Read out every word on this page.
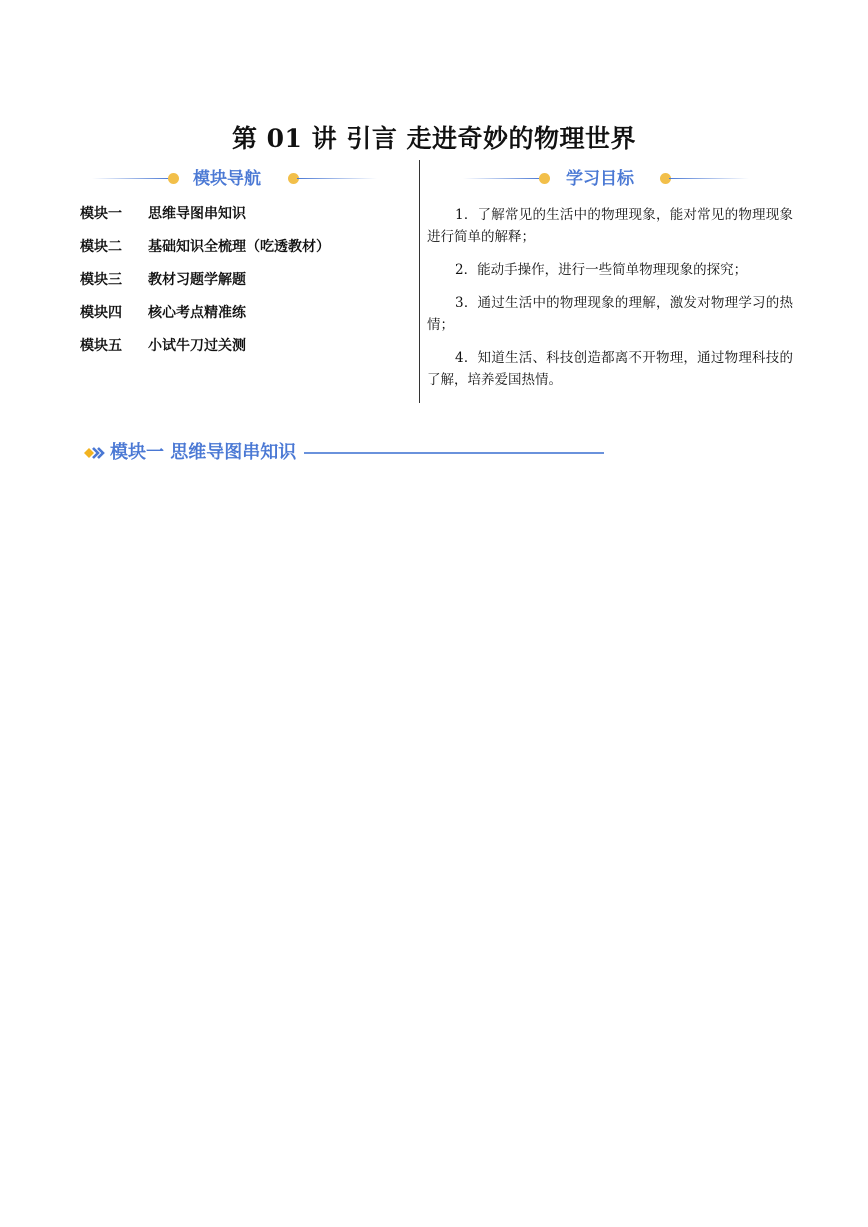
第 01 讲 引言 走进奇妙的物理世界
模块导航	学习目标
模块一	思维导图串知识
模块二	基础知识全梳理（吃透教材）
模块三	教材习题学解题
模块四	核心考点精准练
模块五	小试牛刀过关测

1．了解常见的生活中的物理现象，能对常见的物理现象进行简单的解释；

2．能动手操作，进行一些简单物理现象的探究；

3．通过生活中的物理现象的理解，激发对物理学习的热情；

4．知道生活、科技创造都离不开物理，通过物理科技的了解，培养爱国热情。

模块一 思维导图串知识
